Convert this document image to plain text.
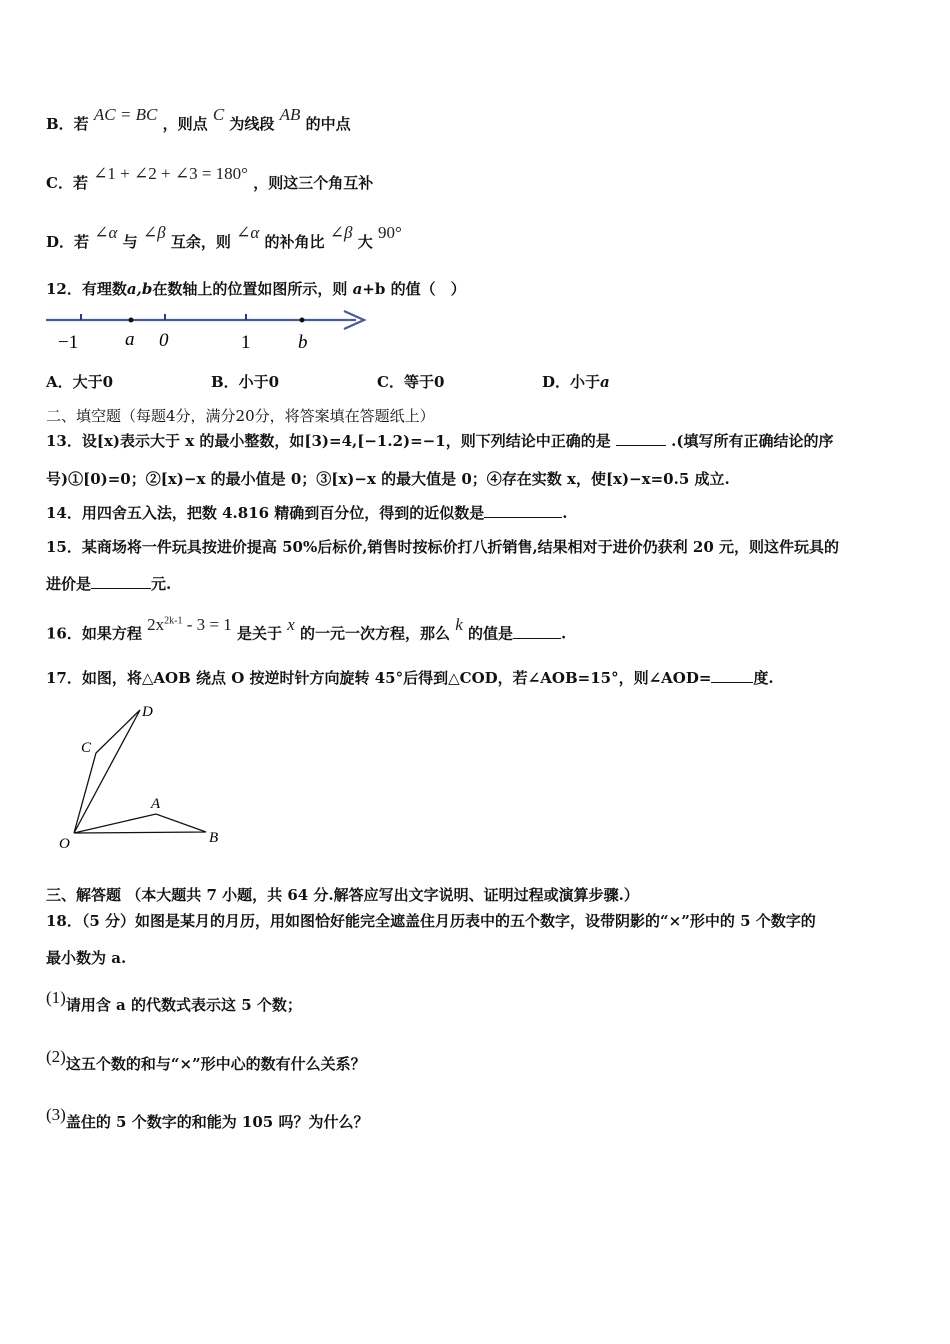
B．若 AC = BC ，则点 C 为线段 AB 的中点
C．若 ∠1 + ∠2 + ∠3 = 180° ，则这三个角互补
D．若 ∠α 与 ∠β 互余，则 ∠α 的补角比 ∠β 大 90°
12．有理数a,b在数轴上的位置如图所示，则 a+b 的值（　）
−1 a 0	1	b
A．大于0	B．小于0	C．等于0	D．小于a
二、填空题（每题4分，满分20分，将答案填在答题纸上）
13．设[x)表示大于 x 的最小整数，如[3)=4,[−1.2)=−1，则下列结论中正确的是	.(填写所有正确结论的序
号)①[0)=0；②[x)−x 的最小值是 0；③[x)−x 的最大值是 0；④存在实数 x，使[x)−x=0.5 成立.
14．用四舍五入法，把数 4.816 精确到百分位，得到的近似数是	.
15．某商场将一件玩具按进价提高 50%后标价,销售时按标价打八折销售,结果相对于进价仍获利 20 元，则这件玩具的
进价是	元.
16．如果方程 $2x^{2k-1} - 3 = 1$ 是关于 x 的一元一次方程，那么 k 的值是	.
17．如图，将△AOB 绕点 O 按逆时针方向旋转 45°后得到△COD，若∠AOB=15°，则∠AOD=	度.
D
C
A
O	B
三、解答题 （本大题共 7 小题，共 64 分.解答应写出文字说明、证明过程或演算步骤.）
18．（5 分）如图是某月的月历，用如图恰好能完全遮盖住月历表中的五个数字，设带阴影的“×”形中的 5 个数字的
最小数为 a.
(1)请用含 a 的代数式表示这 5 个数；
(2)这五个数的和与“×”形中心的数有什么关系？
(3)盖住的 5 个数字的和能为 105 吗？为什么？
